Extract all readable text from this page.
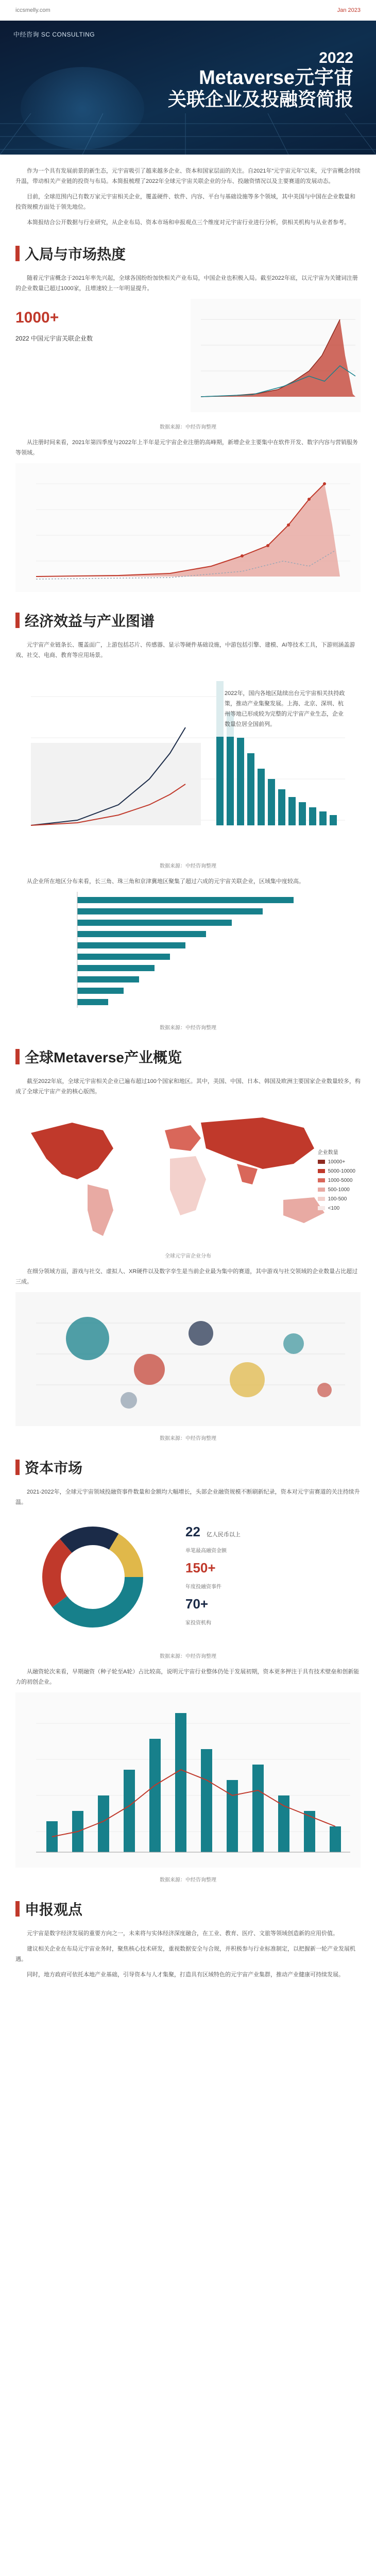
iccsmelly.com	Jan 2023
中经咨询 SC CONSULTING
2022
Metaverse元宇宙
关联企业及投融资简报

作为一个具有发展前景的新生态，元宇宙吸引了越来越多企业、资本和国家层面的关注。自2021年“元宇宙元年”以来，元宇宙概念持续升温，带动相关产业链的投资与布局。本简报梳理了2022年全球元宇宙关联企业的分布、投融资情况以及主要赛道的发展动态。

目前，全球范围内已有数万家元宇宙相关企业，覆盖硬件、软件、内容、平台与基础设施等多个领域，其中美国与中国在企业数量和投资规模方面处于领先地位。

本简报结合公开数据与行业研究，从企业布局、资本市场和申报观点三个维度对元宇宙行业进行分析，供相关机构与从业者参考。

入局与市场热度

随着元宇宙概念于2021年率先兴起，全球各国纷纷加快相关产业布局，中国企业也积极入局。截至2022年底，以元宇宙为关键词注册的企业数量已超过1000家，且增速较上一年明显提升。

1000+
2022 中国元宇宙关联企业数
数据来源：中经咨询整理

从注册时间来看，2021年第四季度与2022年上半年是元宇宙企业注册的高峰期，新增企业主要集中在软件开发、数字内容与营销服务等领域。

经济效益与产业图谱

元宇宙产业链条长、覆盖面广，上游包括芯片、传感器、显示等硬件基础设施，中游包括引擎、建模、AI等技术工具，下游则涵盖游戏、社交、电商、教育等应用场景。

2022年，国内各地区陆续出台元宇宙相关扶持政策，推动产业集聚发展。上海、北京、深圳、杭州等地已形成较为完整的元宇宙产业生态，企业数量位居全国前列。
数据来源：中经咨询整理

从企业所在地区分布来看，长三角、珠三角和京津冀地区聚集了超过六成的元宇宙关联企业，区域集中度较高。

数据来源：中经咨询整理
全球Metaverse产业概览

截至2022年底，全球元宇宙相关企业已遍布超过100个国家和地区。其中，美国、中国、日本、韩国及欧洲主要国家企业数量较多，构成了全球元宇宙产业的核心版图。

企业数量
10000+
5000-10000
1000-5000
500-1000
100-500
<100
全球元宇宙企业分布

在细分领域方面，游戏与社交、虚拟人、XR硬件以及数字孪生是当前企业最为集中的赛道，其中游戏与社交领域的企业数量占比超过三成。

数据来源：中经咨询整理
资本市场

2021-2022年，全球元宇宙领域投融资事件数量和金额均大幅增长，头部企业融资规模不断刷新纪录，资本对元宇宙赛道的关注持续升温。

22 亿人民币以上
单笔最高融资金额
150+
年度投融资事件
70+
家投资机构
数据来源：中经咨询整理

从融资轮次来看，早期融资（种子轮至A轮）占比较高，说明元宇宙行业整体仍处于发展初期，资本更多押注于具有技术壁垒和创新能力的初创企业。

数据来源：中经咨询整理
申报观点

元宇宙是数字经济发展的重要方向之一，未来将与实体经济深度融合，在工业、教育、医疗、文旅等领域创造新的应用价值。

建议相关企业在布局元宇宙业务时，聚焦核心技术研发，重视数据安全与合规，并积极参与行业标准制定，以把握新一轮产业发展机遇。

同时，地方政府可依托本地产业基础，引导资本与人才集聚，打造具有区域特色的元宇宙产业集群，推动产业健康可持续发展。
